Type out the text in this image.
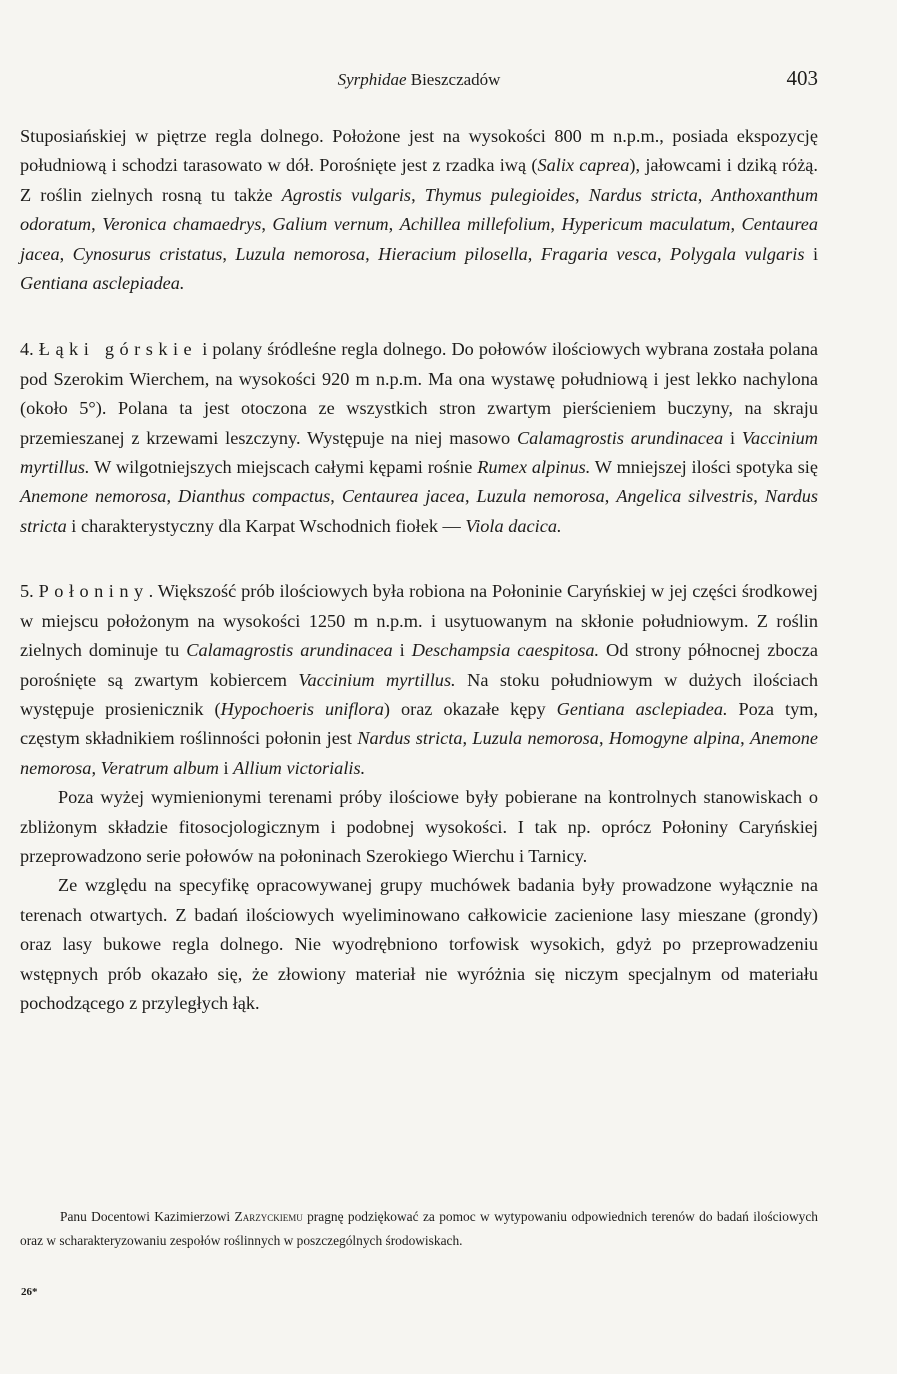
Syrphidae Bieszczadów	403

Stuposiańskiej w piętrze regla dolnego. Położone jest na wysokości 800 m n.p.m., posiada ekspozycję południową i schodzi tarasowato w dół. Porośnięte jest z rzadka iwą (Salix caprea), jałowcami i dziką różą. Z roślin zielnych rosną tu także Agrostis vulgaris, Thymus pulegioides, Nardus stricta, Anthoxanthum odoratum, Veronica chamaedrys, Galium vernum, Achillea millefolium, Hypericum maculatum, Centaurea jacea, Cynosurus cristatus, Luzula nemorosa, Hieracium pilosella, Fragaria vesca, Polygala vulgaris i Gentiana asclepiadea.

4. Łąki górskie i polany śródleśne regla dolnego. Do połowów ilościowych wybrana została polana pod Szerokim Wierchem, na wysokości 920 m n.p.m. Ma ona wystawę południową i jest lekko nachylona (około 5°). Polana ta jest otoczona ze wszystkich stron zwartym pierścieniem buczyny, na skraju przemieszanej z krzewami leszczyny. Występuje na niej masowo Calamagrostis arundinacea i Vaccinium myrtillus. W wilgotniejszych miejscach całymi kępami rośnie Rumex alpinus. W mniejszej ilości spotyka się Anemone nemorosa, Dianthus compactus, Centaurea jacea, Luzula nemorosa, Angelica silvestris, Nardus stricta i charakterystyczny dla Karpat Wschodnich fiołek — Viola dacica.

5. Połoniny. Większość prób ilościowych była robiona na Połoninie Caryńskiej w jej części środkowej w miejscu położonym na wysokości 1250 m n.p.m. i usytuowanym na skłonie południowym. Z roślin zielnych dominuje tu Calamagrostis arundinacea i Deschampsia caespitosa. Od strony północnej zbocza porośnięte są zwartym kobiercem Vaccinium myrtillus. Na stoku południowym w dużych ilościach występuje prosienicznik (Hypochoeris uniflora) oraz okazałe kępy Gentiana asclepiadea. Poza tym, częstym składnikiem roślinności połonin jest Nardus stricta, Luzula nemorosa, Homogyne alpina, Anemone nemorosa, Veratrum album i Allium victorialis.

Poza wyżej wymienionymi terenami próby ilościowe były pobierane na kontrolnych stanowiskach o zbliżonym składzie fitosocjologicznym i podobnej wysokości. I tak np. oprócz Połoniny Caryńskiej przeprowadzono serie połowów na połoninach Szerokiego Wierchu i Tarnicy.

Ze względu na specyfikę opracowywanej grupy muchówek badania były prowadzone wyłącznie na terenach otwartych. Z badań ilościowych wyeliminowano całkowicie zacienione lasy mieszane (grondy) oraz lasy bukowe regla dolnego. Nie wyodrębniono torfowisk wysokich, gdyż po przeprowadzeniu wstępnych prób okazało się, że złowiony materiał nie wyróżnia się niczym specjalnym od materiału pochodzącego z przyległych łąk.

Panu Docentowi Kazimierzowi Zarzyckiemu pragnę podziękować za pomoc w wytypowaniu odpowiednich terenów do badań ilościowych oraz w scharakteryzowaniu zespołów roślinnych w poszczególnych środowiskach.

26*
